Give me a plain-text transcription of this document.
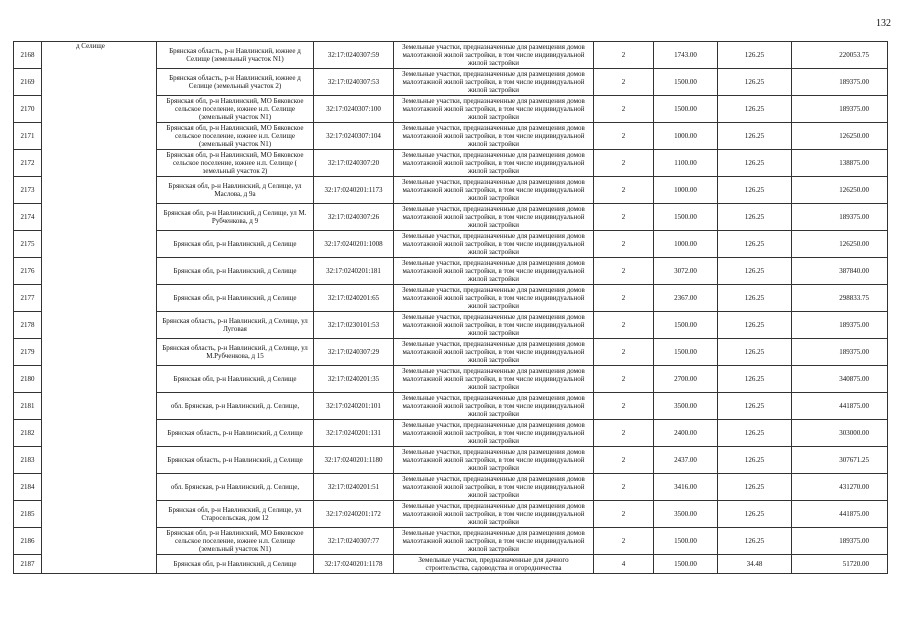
132
2168	д Селище	Брянская область, р-н Навлинский, южнее д Селище (земельный участок N1)	32:17:0240307:59	Земельные участки, предназначенные для размещения домов малоэтажной жилой застройки, в том числе индивидуальной жилой застройки	2	1743.00	126.25	220053.75
2169		Брянская область, р-н Навлинский, южнее д Селище (земельный участок 2)	32:17:0240307:53	Земельные участки, предназначенные для размещения домов малоэтажной жилой застройки, в том числе индивидуальной жилой застройки	2	1500.00	126.25	189375.00
2170		Брянская обл, р-н Навлинский, МО Бяковское сельское поселение, южнее н.п. Селище (земельный участок N1)	32:17:0240307:100	Земельные участки, предназначенные для размещения домов малоэтажной жилой застройки, в том числе индивидуальной жилой застройки	2	1500.00	126.25	189375.00
2171		Брянская обл, р-н Навлинский, МО Бяковское сельское поселение, южнее н.п. Селище (земельный участок N1)	32:17:0240307:104	Земельные участки, предназначенные для размещения домов малоэтажной жилой застройки, в том числе индивидуальной жилой застройки	2	1000.00	126.25	126250.00
2172		Брянская обл, р-н Навлинский, МО Бяковское сельское поселение, южнее н.п. Селище ( земельный участок 2)	32:17:0240307:20	Земельные участки, предназначенные для размещения домов малоэтажной жилой застройки, в том числе индивидуальной жилой застройки	2	1100.00	126.25	138875.00
2173		Брянская обл, р-н Навлинский, д Селище, ул Маслова, д 9а	32:17:0240201:1173	Земельные участки, предназначенные для размещения домов малоэтажной жилой застройки, в том числе индивидуальной жилой застройки	2	1000.00	126.25	126250.00
2174		Брянская обл, р-н Навлинский, д Селище, ул М. Рубченкова, д 9	32:17:0240307:26	Земельные участки, предназначенные для размещения домов малоэтажной жилой застройки, в том числе индивидуальной жилой застройки	2	1500.00	126.25	189375.00
2175		Брянская обл, р-н Навлинский, д Селище	32:17:0240201:1008	Земельные участки, предназначенные для размещения домов малоэтажной жилой застройки, в том числе индивидуальной жилой застройки	2	1000.00	126.25	126250.00
2176		Брянская обл, р-н Навлинский, д Селище	32:17:0240201:181	Земельные участки, предназначенные для размещения домов малоэтажной жилой застройки, в том числе индивидуальной жилой застройки	2	3072.00	126.25	387840.00
2177		Брянская обл, р-н Навлинский, д Селище	32:17:0240201:65	Земельные участки, предназначенные для размещения домов малоэтажной жилой застройки, в том числе индивидуальной жилой застройки	2	2367.00	126.25	298833.75
2178		Брянская область, р-н Навлинский, д Селище, ул Луговая	32:17:0230101:53	Земельные участки, предназначенные для размещения домов малоэтажной жилой застройки, в том числе индивидуальной жилой застройки	2	1500.00	126.25	189375.00
2179		Брянская область, р-н Навлинский, д Селище, ул М.Рубченкова, д 15	32:17:0240307:29	Земельные участки, предназначенные для размещения домов малоэтажной жилой застройки, в том числе индивидуальной жилой застройки	2	1500.00	126.25	189375.00
2180		Брянская обл, р-н Навлинский, д Селище	32:17:0240201:35	Земельные участки, предназначенные для размещения домов малоэтажной жилой застройки, в том числе индивидуальной жилой застройки	2	2700.00	126.25	340875.00
2181		обл. Брянская, р-н Навлинский, д. Селище,	32:17:0240201:101	Земельные участки, предназначенные для размещения домов малоэтажной жилой застройки, в том числе индивидуальной жилой застройки	2	3500.00	126.25	441875.00
2182		Брянская область, р-н Навлинский, д Селище	32:17:0240201:131	Земельные участки, предназначенные для размещения домов малоэтажной жилой застройки, в том числе индивидуальной жилой застройки	2	2400.00	126.25	303000.00
2183		Брянская область, р-н Навлинский, д Селище	32:17:0240201:1180	Земельные участки, предназначенные для размещения домов малоэтажной жилой застройки, в том числе индивидуальной жилой застройки	2	2437.00	126.25	307671.25
2184		обл. Брянская, р-н Навлинский, д. Селище,	32:17:0240201:51	Земельные участки, предназначенные для размещения домов малоэтажной жилой застройки, в том числе индивидуальной жилой застройки	2	3416.00	126.25	431270.00
2185		Брянская обл, р-н Навлинский, д Селище, ул Старосельская, дом 12	32:17:0240201:172	Земельные участки, предназначенные для размещения домов малоэтажной жилой застройки, в том числе индивидуальной жилой застройки	2	3500.00	126.25	441875.00
2186		Брянская обл, р-н Навлинский, МО Бяковское сельское поселение, южнее н.п. Селище (земельный участок N1)	32:17:0240307:77	Земельные участки, предназначенные для размещения домов малоэтажной жилой застройки, в том числе индивидуальной жилой застройки	2	1500.00	126.25	189375.00
2187		Брянская обл, р-н Навлинский, д Селище	32:17:0240201:1178	Земельные участки, предназначенные для дачного строительства, садоводства и огородничества	4	1500.00	34.48	51720.00
